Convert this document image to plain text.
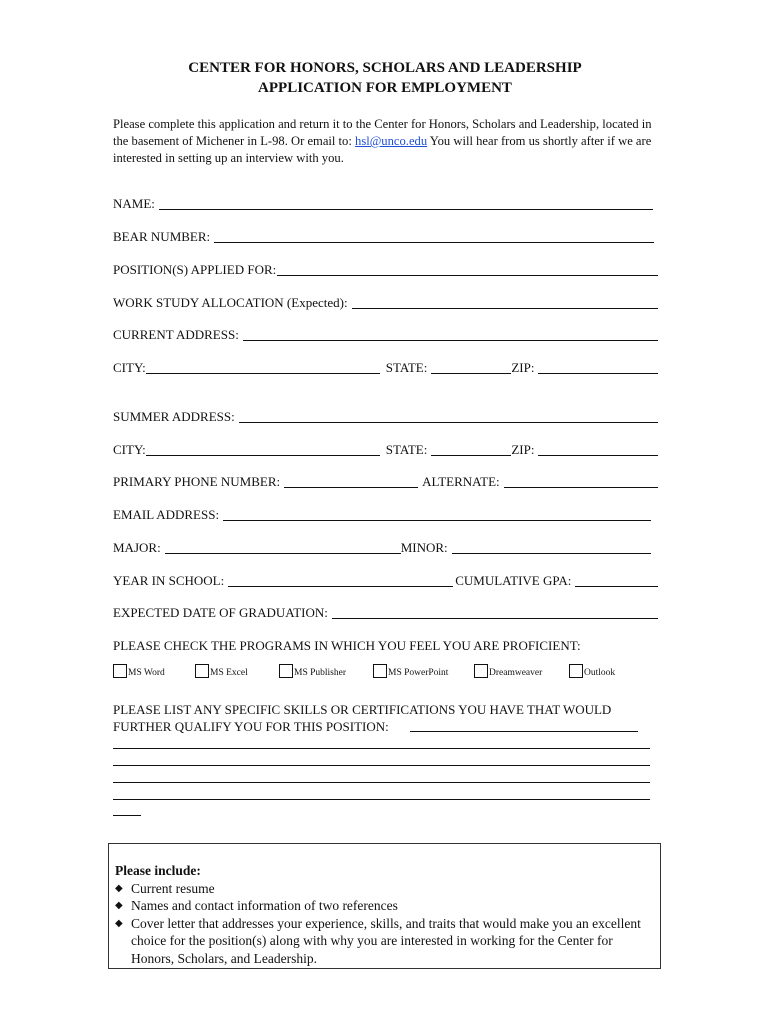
CENTER FOR HONORS, SCHOLARS AND LEADERSHIP
APPLICATION FOR EMPLOYMENT
Please complete this application and return it to the Center for Honors, Scholars and Leadership, located in the basement of Michener in L-98. Or email to: hsl@unco.edu You will hear from us shortly after if we are interested in setting up an interview with you.
NAME:
BEAR NUMBER:
POSITION(S) APPLIED FOR:
WORK STUDY ALLOCATION (Expected):
CURRENT ADDRESS:
CITY:	STATE:	ZIP:
SUMMER ADDRESS:
CITY:	STATE:	ZIP:
PRIMARY PHONE NUMBER:	ALTERNATE:
EMAIL ADDRESS:
MAJOR:	MINOR:
YEAR IN SCHOOL:	CUMULATIVE GPA:
EXPECTED DATE OF GRADUATION:
PLEASE CHECK THE PROGRAMS IN WHICH YOU FEEL YOU ARE PROFICIENT:
MS Word	MS Excel	MS Publisher	MS PowerPoint	Dreamweaver	Outlook
PLEASE LIST ANY SPECIFIC SKILLS OR CERTIFICATIONS YOU HAVE THAT WOULD FURTHER QUALIFY YOU FOR THIS POSITION:
Please include:
◆ Current resume
◆ Names and contact information of two references
◆ Cover letter that addresses your experience, skills, and traits that would make you an excellent choice for the position(s) along with why you are interested in working for the Center for Honors, Scholars, and Leadership.
